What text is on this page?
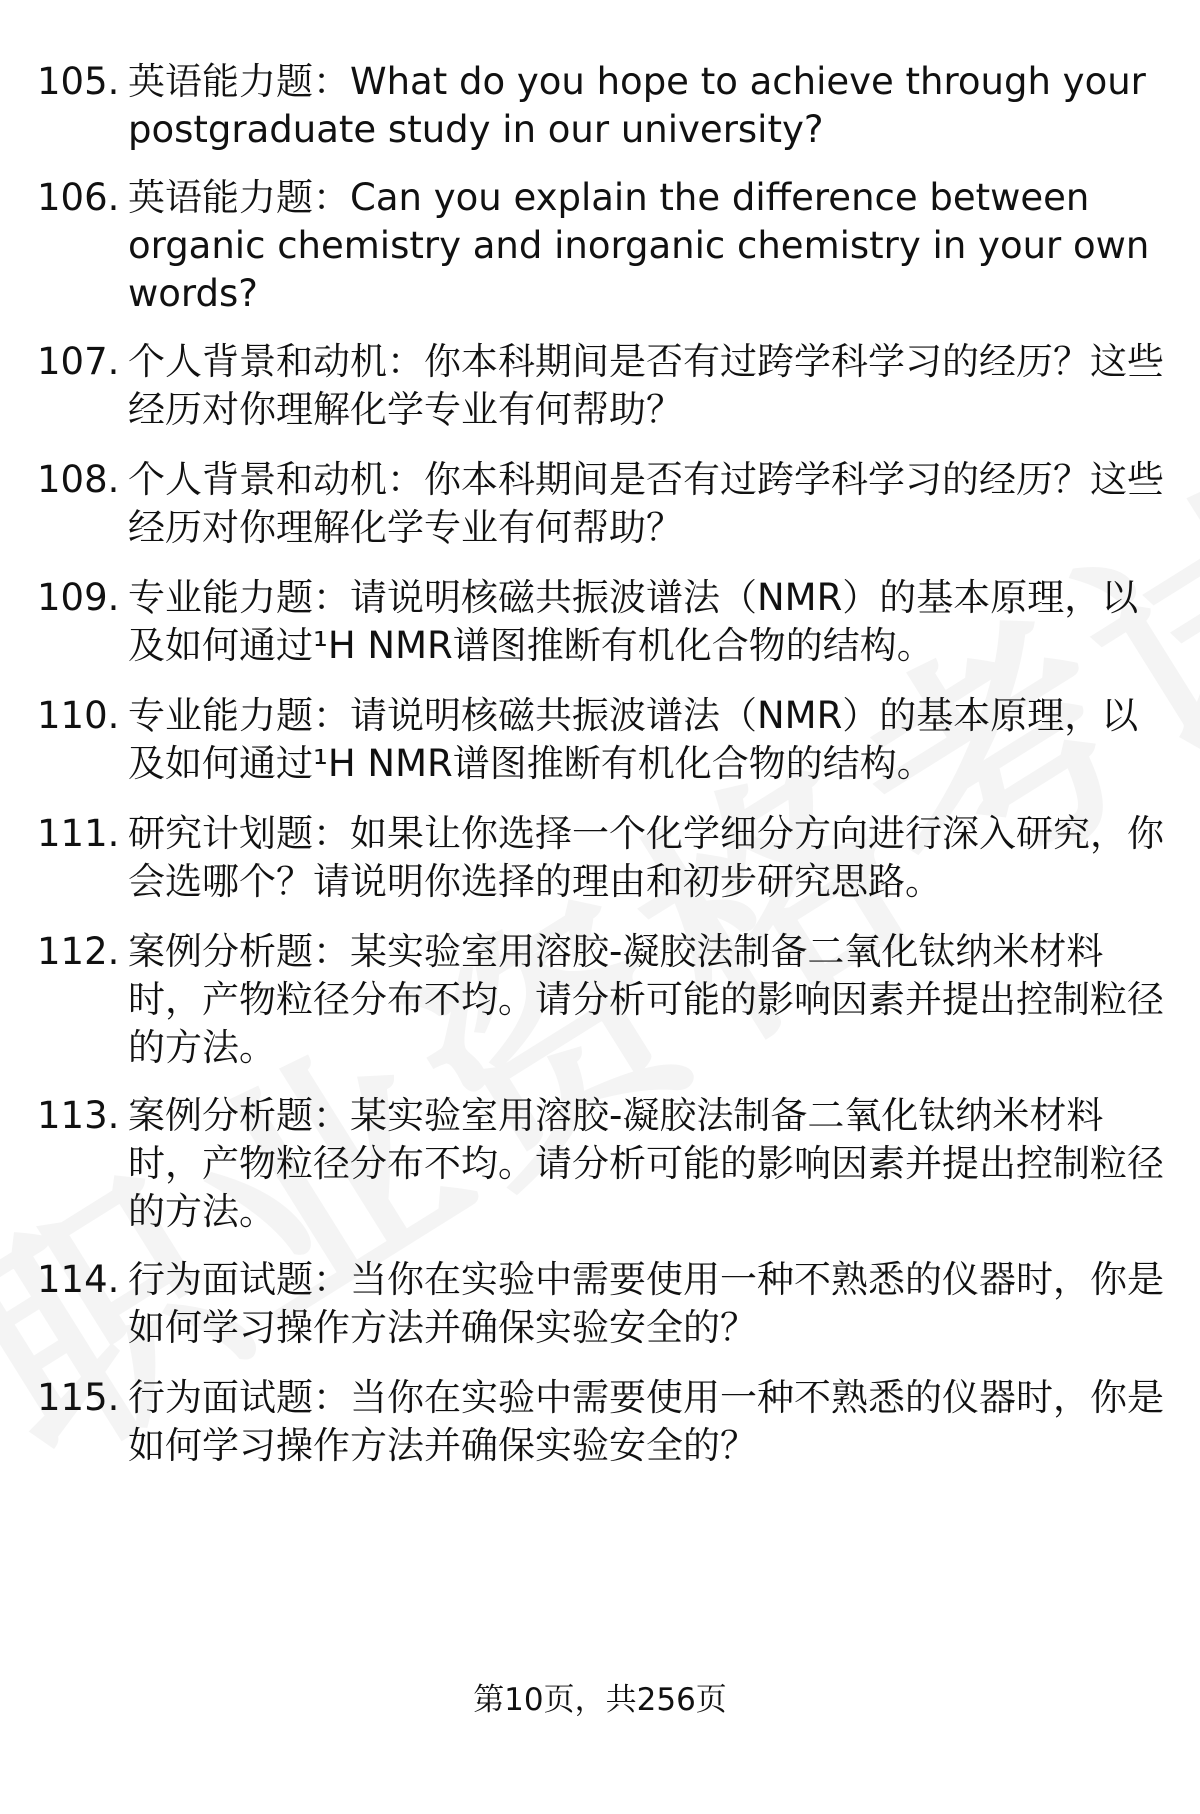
105. 英语能力题：What do you hope to achieve through your postgraduate study in our university?
106. 英语能力题：Can you explain the difference between organic chemistry and inorganic chemistry in your own words?
107. 个人背景和动机：你本科期间是否有过跨学科学习的经历？这些经历对你理解化学专业有何帮助？
108. 个人背景和动机：你本科期间是否有过跨学科学习的经历？这些经历对你理解化学专业有何帮助？
109. 专业能力题：请说明核磁共振波谱法（NMR）的基本原理，以及如何通过¹H NMR谱图推断有机化合物的结构。
110. 专业能力题：请说明核磁共振波谱法（NMR）的基本原理，以及如何通过¹H NMR谱图推断有机化合物的结构。
111. 研究计划题：如果让你选择一个化学细分方向进行深入研究，你会选哪个？请说明你选择的理由和初步研究思路。
112. 案例分析题：某实验室用溶胶-凝胶法制备二氧化钛纳米材料时，产物粒径分布不均。请分析可能的影响因素并提出控制粒径的方法。
113. 案例分析题：某实验室用溶胶-凝胶法制备二氧化钛纳米材料时，产物粒径分布不均。请分析可能的影响因素并提出控制粒径的方法。
114. 行为面试题：当你在实验中需要使用一种不熟悉的仪器时，你是如何学习操作方法并确保实验安全的？
115. 行为面试题：当你在实验中需要使用一种不熟悉的仪器时，你是如何学习操作方法并确保实验安全的？
第10页，共256页
